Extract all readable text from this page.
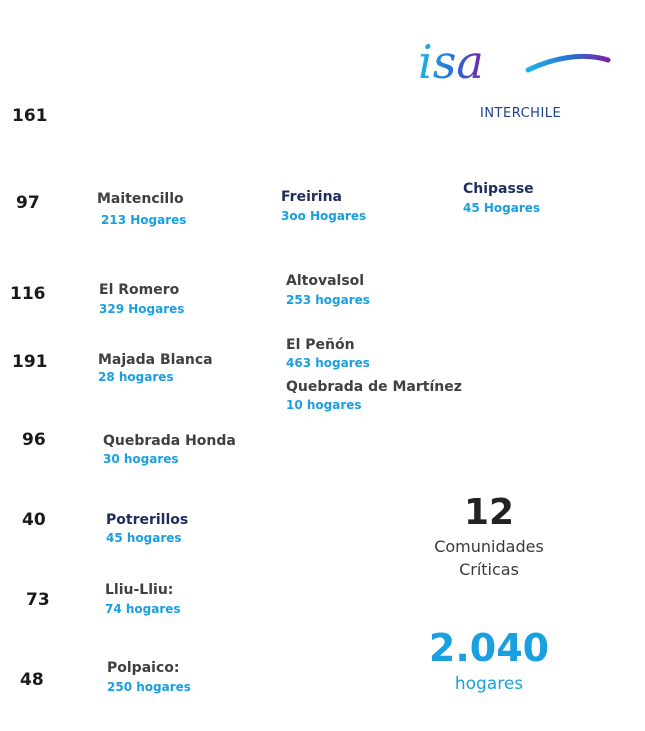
isa
INTERCHILE
161
97
116
191
96
40
73
48
Maitencillo
213 Hogares
El Romero
329 Hogares
Majada Blanca
28 hogares
Quebrada Honda
30 hogares
Potrerillos
45 hogares
Lliu-Lliu:
74 hogares
Polpaico:
250 hogares
Freirina
3oo Hogares
Altovalsol
253 hogares
El Peñón
463 hogares
Quebrada de Martínez
10 hogares
Chipasse
45 Hogares
12
Comunidades
Críticas
2.040
hogares
